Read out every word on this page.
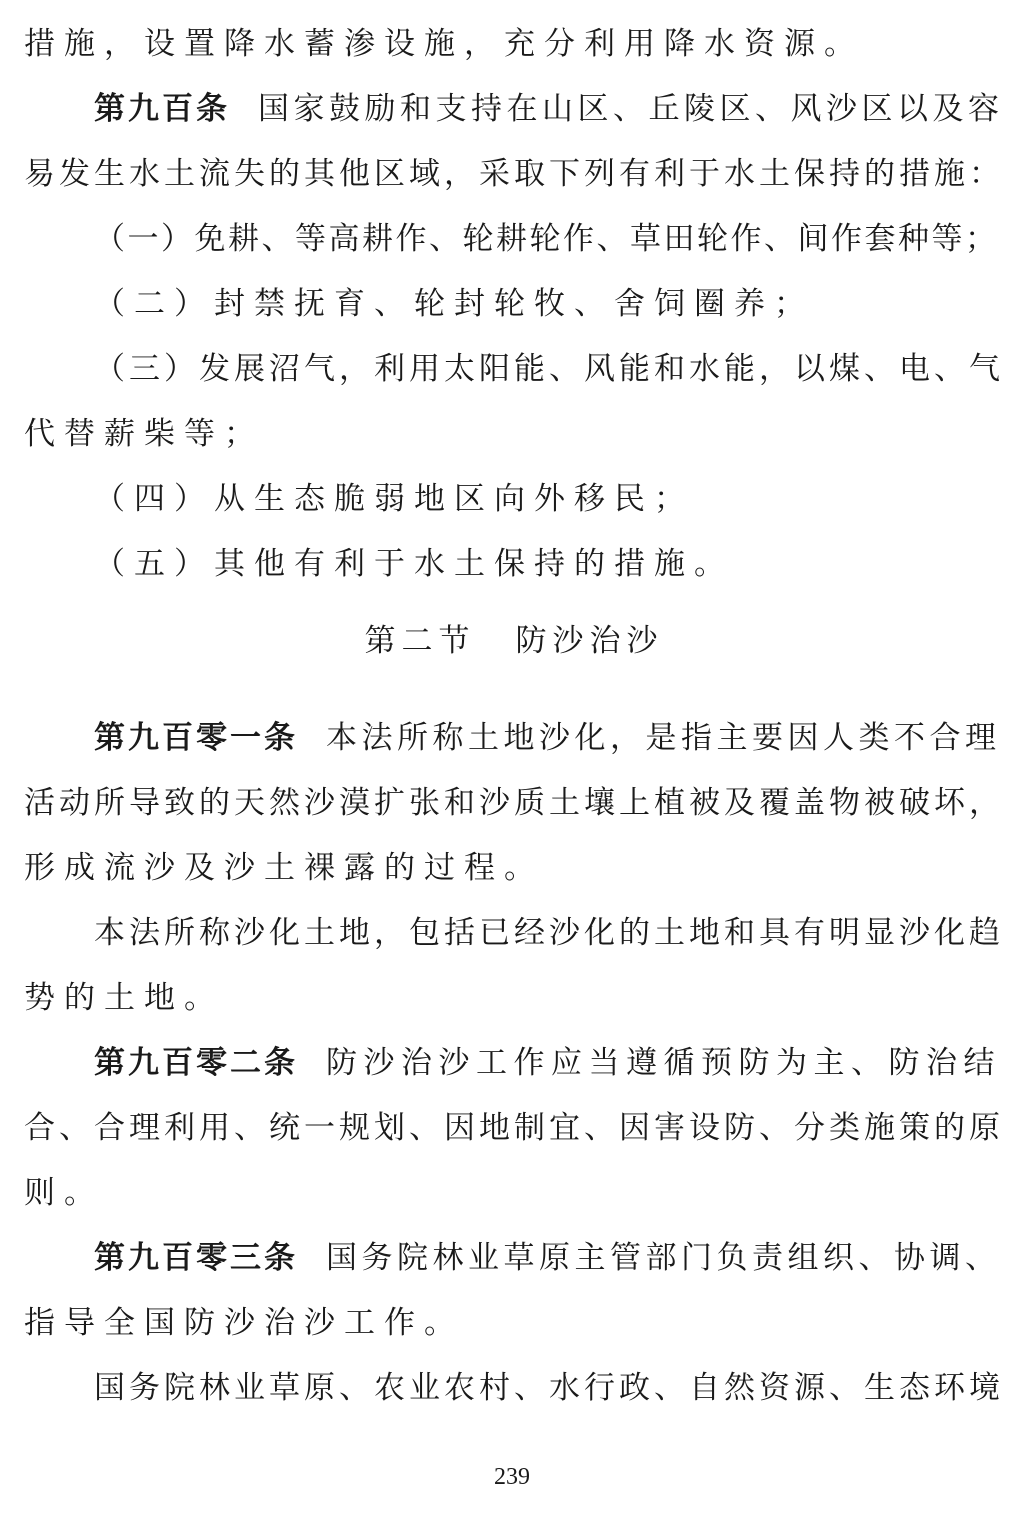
措施，设置降水蓄渗设施，充分利用降水资源。
第九百条 国家鼓励和支持在山区、丘陵区、风沙区以及容
易发生水土流失的其他区域，采取下列有利于水土保持的措施：
（一）免耕、等高耕作、轮耕轮作、草田轮作、间作套种等；
（二）封禁抚育、轮封轮牧、舍饲圈养；
（三）发展沼气，利用太阳能、风能和水能，以煤、电、气
代替薪柴等；
（四）从生态脆弱地区向外移民；
（五）其他有利于水土保持的措施。
第二节 防沙治沙
第九百零一条 本法所称土地沙化，是指主要因人类不合理
活动所导致的天然沙漠扩张和沙质土壤上植被及覆盖物被破坏，
形成流沙及沙土裸露的过程。
本法所称沙化土地，包括已经沙化的土地和具有明显沙化趋
势的土地。
第九百零二条 防沙治沙工作应当遵循预防为主、防治结
合、合理利用、统一规划、因地制宜、因害设防、分类施策的原
则。
第九百零三条 国务院林业草原主管部门负责组织、协调、
指导全国防沙治沙工作。
国务院林业草原、农业农村、水行政、自然资源、生态环境
239
